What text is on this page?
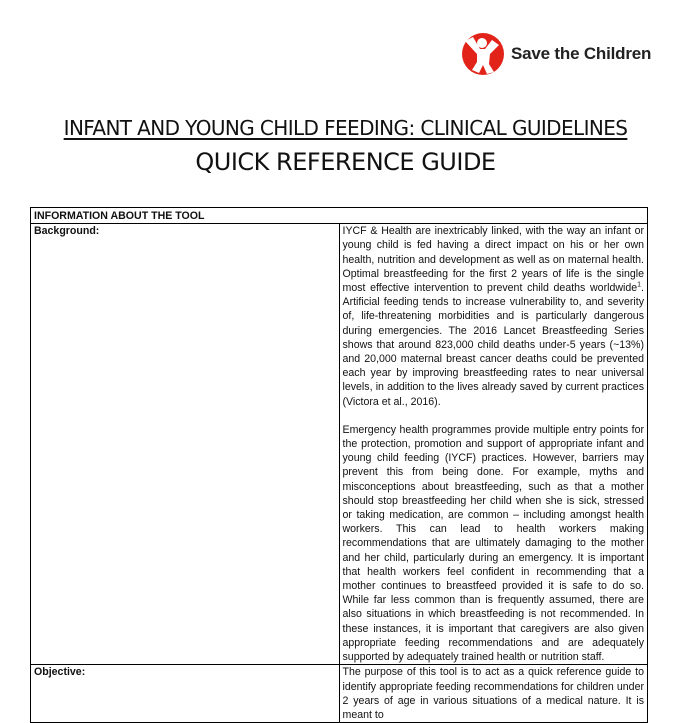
Save the Children
INFANT AND YOUNG CHILD FEEDING: CLINICAL GUIDELINES
QUICK REFERENCE GUIDE
INFORMATION ABOUT THE TOOL	
Background:	IYCF & Health are inextricably linked, with the way an infant or young child is fed having a direct impact on his or her own health, nutrition and development as well as on maternal health. Optimal breastfeeding for the first 2 years of life is the single most effective intervention to prevent child deaths worldwide$^1$. Artificial feeding tends to increase vulnerability to, and severity of, life-threatening morbidities and is particularly dangerous during emergencies. The 2016 Lancet Breastfeeding Series shows that around 823,000 child deaths under-5 years (~13%) and 20,000 maternal breast cancer deaths could be prevented each year by improving breastfeeding rates to near universal levels, in addition to the lives already saved by current practices (Victora et al., 2016).

Emergency health programmes provide multiple entry points for the protection, promotion and support of appropriate infant and young child feeding (IYCF) practices. However, barriers may prevent this from being done. For example, myths and misconceptions about breastfeeding, such as that a mother should stop breastfeeding her child when she is sick, stressed or taking medication, are common – including amongst health workers. This can lead to health workers making recommendations that are ultimately damaging to the mother and her child, particularly during an emergency. It is important that health workers feel confident in recommending that a mother continues to breastfeed provided it is safe to do so. While far less common than is frequently assumed, there are also situations in which breastfeeding is not recommended. In these instances, it is important that caregivers are also given appropriate feeding recommendations and are adequately supported by adequately trained health or nutrition staff.

Objective:	The purpose of this tool is to act as a quick reference guide to identify appropriate feeding recommendations for children under 2 years of age in various situations of a medical nature. It is meant to
